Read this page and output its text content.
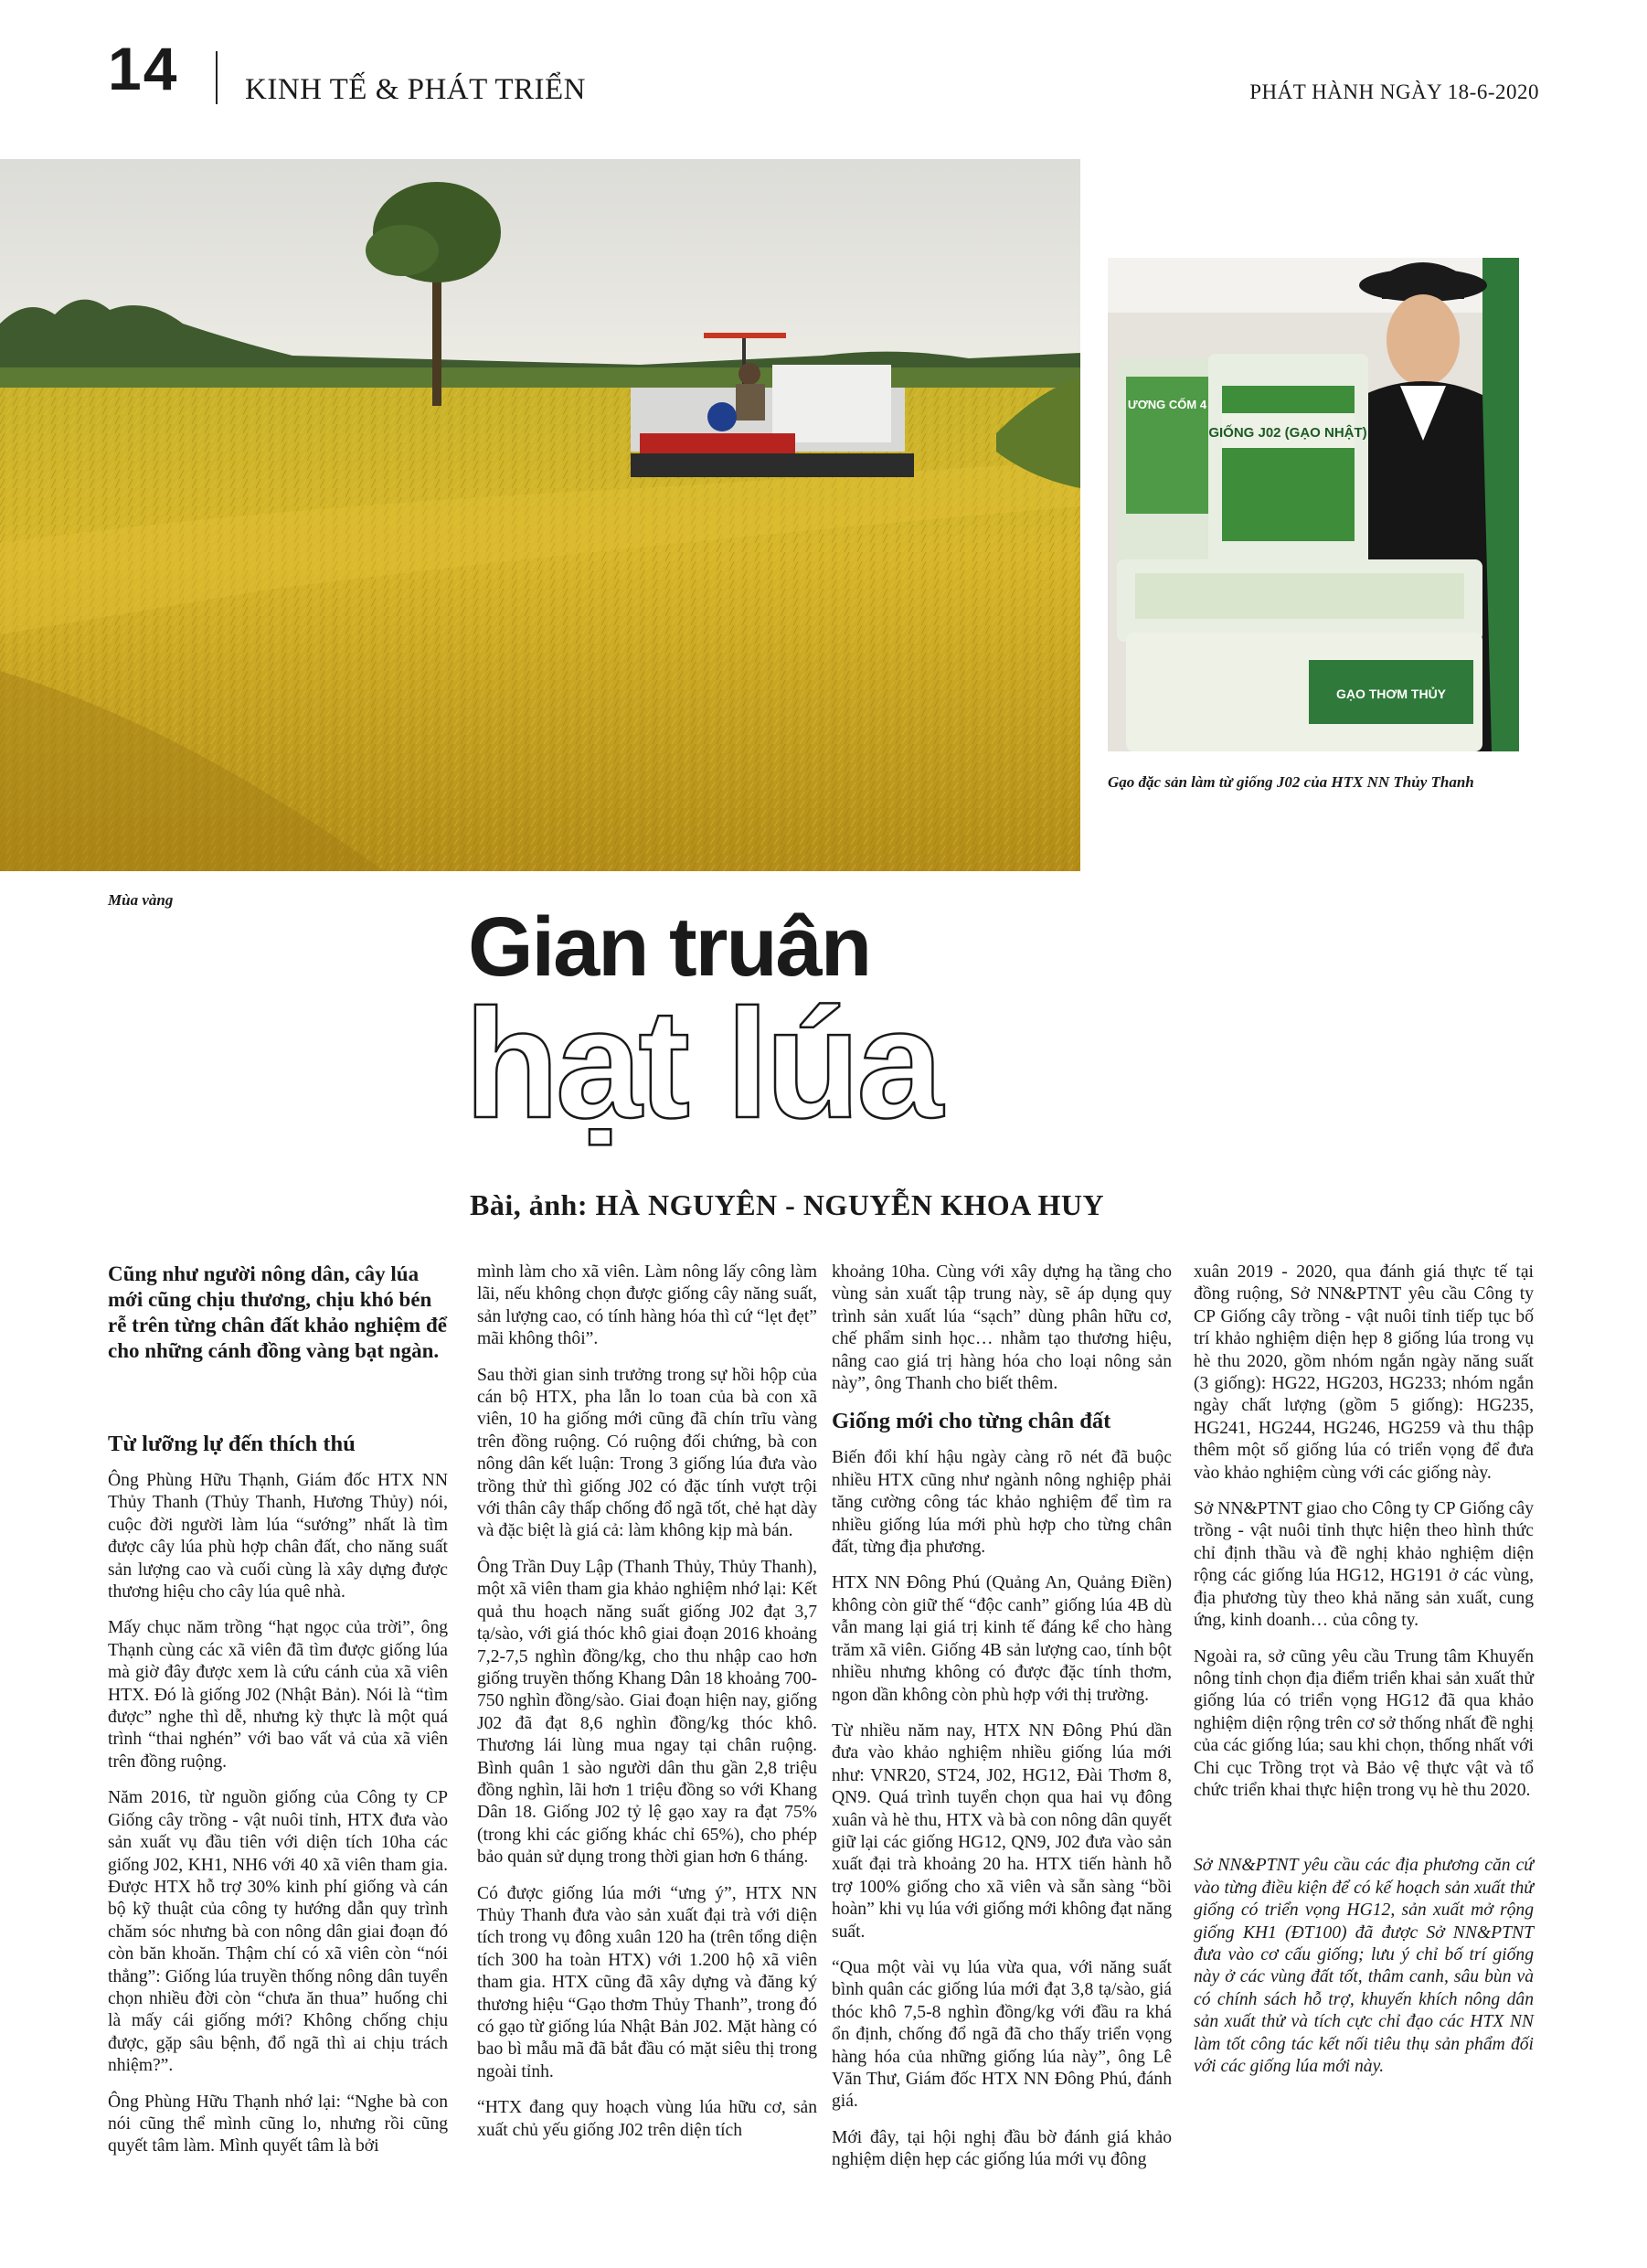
14 KINH TẾ & PHÁT TRIỂN	PHÁT HÀNH NGÀY 18-6-2020
Mùa vàng
GIỐNG J02 (GẠO NHẬT)
ƯƠNG CỐM 4
GẠO THƠM THỦY
Gạo đặc sản làm từ giống J02 của HTX NN Thủy Thanh
Gian truân
hạt lúa
Bài, ảnh: HÀ NGUYÊN - NGUYỄN KHOA HUY

Cũng như người nông dân, cây lúa mới cũng chịu thương, chịu khó bén rễ trên từng chân đất khảo nghiệm để cho những cánh đồng vàng bạt ngàn.

Từ lưỡng lự đến thích thú

Ông Phùng Hữu Thạnh, Giám đốc HTX NN Thủy Thanh (Thủy Thanh, Hương Thủy) nói, cuộc đời người làm lúa “sướng” nhất là tìm được cây lúa phù hợp chân đất, cho năng suất sản lượng cao và cuối cùng là xây dựng được thương hiệu cho cây lúa quê nhà.

Mấy chục năm trồng “hạt ngọc của trời”, ông Thạnh cùng các xã viên đã tìm được giống lúa mà giờ đây được xem là cứu cánh của xã viên HTX. Đó là giống J02 (Nhật Bản). Nói là “tìm được” nghe thì dễ, nhưng kỳ thực là một quá trình “thai nghén” với bao vất vả của xã viên trên đồng ruộng.

Năm 2016, từ nguồn giống của Công ty CP Giống cây trồng - vật nuôi tỉnh, HTX đưa vào sản xuất vụ đầu tiên với diện tích 10ha các giống J02, KH1, NH6 với 40 xã viên tham gia. Được HTX hỗ trợ 30% kinh phí giống và cán bộ kỹ thuật của công ty hướng dẫn quy trình chăm sóc nhưng bà con nông dân giai đoạn đó còn băn khoăn. Thậm chí có xã viên còn “nói thẳng”: Giống lúa truyền thống nông dân tuyển chọn nhiều đời còn “chưa ăn thua” huống chi là mấy cái giống mới? Không chống chịu được, gặp sâu bệnh, đổ ngã thì ai chịu trách nhiệm?”.

Ông Phùng Hữu Thạnh nhớ lại: “Nghe bà con nói cũng thể mình cũng lo, nhưng rồi cũng quyết tâm làm. Mình quyết tâm là bởi

mình làm cho xã viên. Làm nông lấy công làm lãi, nếu không chọn được giống cây năng suất, sản lượng cao, có tính hàng hóa thì cứ “lẹt đẹt” mãi không thôi”.

Sau thời gian sinh trưởng trong sự hồi hộp của cán bộ HTX, pha lẫn lo toan của bà con xã viên, 10 ha giống mới cũng đã chín trĩu vàng trên đồng ruộng. Có ruộng đối chứng, bà con nông dân kết luận: Trong 3 giống lúa đưa vào trồng thử thì giống J02 có đặc tính vượt trội với thân cây thấp chống đổ ngã tốt, chẻ hạt dày và đặc biệt là giá cả: làm không kịp mà bán.

Ông Trần Duy Lập (Thanh Thủy, Thủy Thanh), một xã viên tham gia khảo nghiệm nhớ lại: Kết quả thu hoạch năng suất giống J02 đạt 3,7 tạ/sào, với giá thóc khô giai đoạn 2016 khoảng 7,2-7,5 nghìn đồng/kg, cho thu nhập cao hơn giống truyền thống Khang Dân 18 khoảng 700-750 nghìn đồng/sào. Giai đoạn hiện nay, giống J02 đã đạt 8,6 nghìn đồng/kg thóc khô. Thương lái lùng mua ngay tại chân ruộng. Bình quân 1 sào người dân thu gần 2,8 triệu đồng nghìn, lãi hơn 1 triệu đồng so với Khang Dân 18. Giống J02 tỷ lệ gạo xay ra đạt 75% (trong khi các giống khác chỉ 65%), cho phép bảo quản sử dụng trong thời gian hơn 6 tháng.

Có được giống lúa mới “ưng ý”, HTX NN Thủy Thanh đưa vào sản xuất đại trà với diện tích trong vụ đông xuân 120 ha (trên tổng diện tích 300 ha toàn HTX) với 1.200 hộ xã viên tham gia. HTX cũng đã xây dựng và đăng ký thương hiệu “Gạo thơm Thủy Thanh”, trong đó có gạo từ giống lúa Nhật Bản J02. Mặt hàng có bao bì mẫu mã đã bắt đầu có mặt siêu thị trong ngoài tỉnh.

“HTX đang quy hoạch vùng lúa hữu cơ, sản xuất chủ yếu giống J02 trên diện tích

khoảng 10ha. Cùng với xây dựng hạ tầng cho vùng sản xuất tập trung này, sẽ áp dụng quy trình sản xuất lúa “sạch” dùng phân hữu cơ, chế phẩm sinh học… nhằm tạo thương hiệu, nâng cao giá trị hàng hóa cho loại nông sản này”, ông Thanh cho biết thêm.

Giống mới cho từng chân đất

Biến đổi khí hậu ngày càng rõ nét đã buộc nhiều HTX cũng như ngành nông nghiệp phải tăng cường công tác khảo nghiệm để tìm ra nhiều giống lúa mới phù hợp cho từng chân đất, từng địa phương.

HTX NN Đông Phú (Quảng An, Quảng Điền) không còn giữ thế “độc canh” giống lúa 4B dù vẫn mang lại giá trị kinh tế đáng kể cho hàng trăm xã viên. Giống 4B sản lượng cao, tính bột nhiều nhưng không có được đặc tính thơm, ngon dần không còn phù hợp với thị trường.

Từ nhiều năm nay, HTX NN Đông Phú dần đưa vào khảo nghiệm nhiều giống lúa mới như: VNR20, ST24, J02, HG12, Đài Thơm 8, QN9. Quá trình tuyển chọn qua hai vụ đông xuân và hè thu, HTX và bà con nông dân quyết giữ lại các giống HG12, QN9, J02 đưa vào sản xuất đại trà khoảng 20 ha. HTX tiến hành hỗ trợ 100% giống cho xã viên và sẵn sàng “bồi hoàn” khi vụ lúa với giống mới không đạt năng suất.

“Qua một vài vụ lúa vừa qua, với năng suất bình quân các giống lúa mới đạt 3,8 tạ/sào, giá thóc khô 7,5-8 nghìn đồng/kg với đầu ra khá ổn định, chống đổ ngã đã cho thấy triển vọng hàng hóa của những giống lúa này”, ông Lê Văn Thư, Giám đốc HTX NN Đông Phú, đánh giá.

Mới đây, tại hội nghị đầu bờ đánh giá khảo nghiệm diện hẹp các giống lúa mới vụ đông

xuân 2019 - 2020, qua đánh giá thực tế tại đồng ruộng, Sở NN&PTNT yêu cầu Công ty CP Giống cây trồng - vật nuôi tỉnh tiếp tục bố trí khảo nghiệm diện hẹp 8 giống lúa trong vụ hè thu 2020, gồm nhóm ngắn ngày năng suất (3 giống): HG22, HG203, HG233; nhóm ngắn ngày chất lượng (gồm 5 giống): HG235, HG241, HG244, HG246, HG259 và thu thập thêm một số giống lúa có triển vọng để đưa vào khảo nghiệm cùng với các giống này.

Sở NN&PTNT giao cho Công ty CP Giống cây trồng - vật nuôi tỉnh thực hiện theo hình thức chỉ định thầu và đề nghị khảo nghiệm diện rộng các giống lúa HG12, HG191 ở các vùng, địa phương tùy theo khả năng sản xuất, cung ứng, kinh doanh… của công ty.

Ngoài ra, sở cũng yêu cầu Trung tâm Khuyến nông tỉnh chọn địa điểm triển khai sản xuất thử giống lúa có triển vọng HG12 đã qua khảo nghiệm diện rộng trên cơ sở thống nhất đề nghị của các giống lúa; sau khi chọn, thống nhất với Chi cục Trồng trọt và Bảo vệ thực vật và tổ chức triển khai thực hiện trong vụ hè thu 2020.

Sở NN&PTNT yêu cầu các địa phương căn cứ vào từng điều kiện để có kế hoạch sản xuất thử giống có triển vọng HG12, sản xuất mở rộng giống KH1 (ĐT100) đã được Sở NN&PTNT đưa vào cơ cấu giống; lưu ý chỉ bố trí giống này ở các vùng đất tốt, thâm canh, sâu bùn và có chính sách hỗ trợ, khuyến khích nông dân sản xuất thử và tích cực chỉ đạo các HTX NN làm tốt công tác kết nối tiêu thụ sản phẩm đối với các giống lúa mới này.
